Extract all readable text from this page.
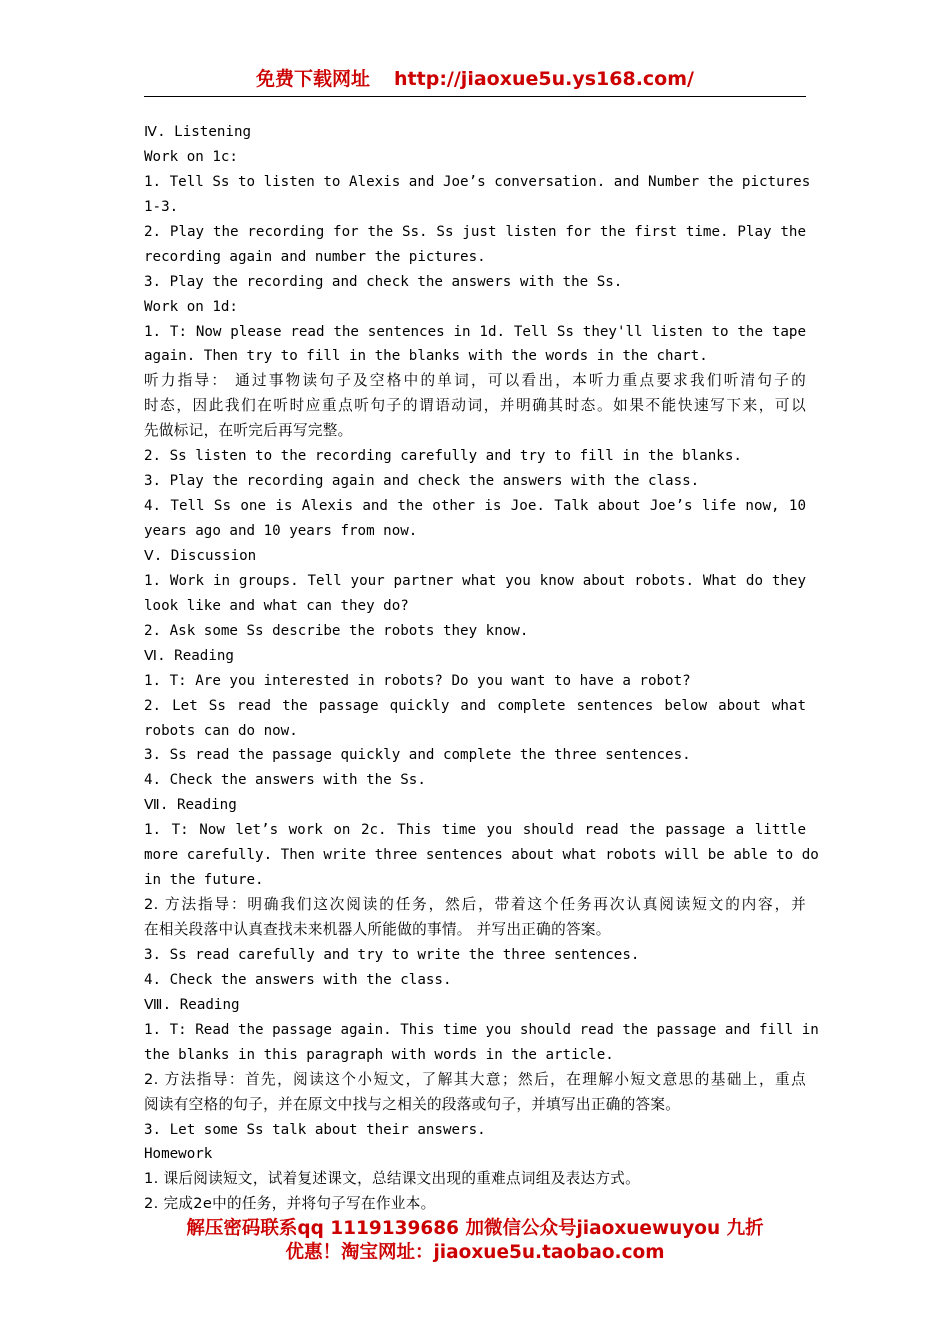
免费下载网址 http://jiaoxue5u.ys168.com/
Ⅳ. Listening
Work on 1c:
1. Tell Ss to listen to Alexis and Joe’s conversation. and Number the pictures
1-3.
2. Play the recording for the Ss. Ss just listen for the first time. Play the
recording again and number the pictures.
3. Play the recording and check the answers with the Ss.
Work on 1d:
1. T: Now please read the sentences in 1d. Tell Ss they'll listen to the tape
again. Then try to fill in the blanks with the words in the chart.
听力指导： 通过事物读句子及空格中的单词，可以看出，本听力重点要求我们听清句子的
时态，因此我们在听时应重点听句子的谓语动词，并明确其时态。如果不能快速写下来，可以
先做标记，在听完后再写完整。
2. Ss listen to the recording carefully and try to fill in the blanks.
3. Play the recording again and check the answers with the class.
4. Tell Ss one is Alexis and the other is Joe. Talk about Joe’s life now, 10
years ago and 10 years from now.
Ⅴ. Discussion
1. Work in groups. Tell your partner what you know about robots. What do they
look like and what can they do?
2. Ask some Ss describe the robots they know.
Ⅵ. Reading
1. T: Are you interested in robots? Do you want to have a robot?
2. Let Ss read the passage quickly and complete sentences below about what
robots can do now.
3. Ss read the passage quickly and complete the three sentences.
4. Check the answers with the Ss.
Ⅶ. Reading
1. T: Now let’s work on 2c. This time you should read the passage a little
more carefully. Then write three sentences about what robots will be able to do
in the future.
2. 方法指导：明确我们这次阅读的任务，然后，带着这个任务再次认真阅读短文的内容，并
在相关段落中认真查找未来机器人所能做的事情。 并写出正确的答案。
3. Ss read carefully and try to write the three sentences.
4. Check the answers with the class.
Ⅷ. Reading
1. T: Read the passage again. This time you should read the passage and fill in
the blanks in this paragraph with words in the article.
2. 方法指导：首先，阅读这个小短文，了解其大意；然后，在理解小短文意思的基础上，重点
阅读有空格的句子，并在原文中找与之相关的段落或句子，并填写出正确的答案。
3. Let some Ss talk about their answers.
Homework
1. 课后阅读短文，试着复述课文，总结课文出现的重难点词组及表达方式。
2. 完成2e中的任务，并将句子写在作业本。
解压密码联系qq 1119139686 加微信公众号jiaoxuewuyou 九折
优惠！淘宝网址：jiaoxue5u.taobao.com
